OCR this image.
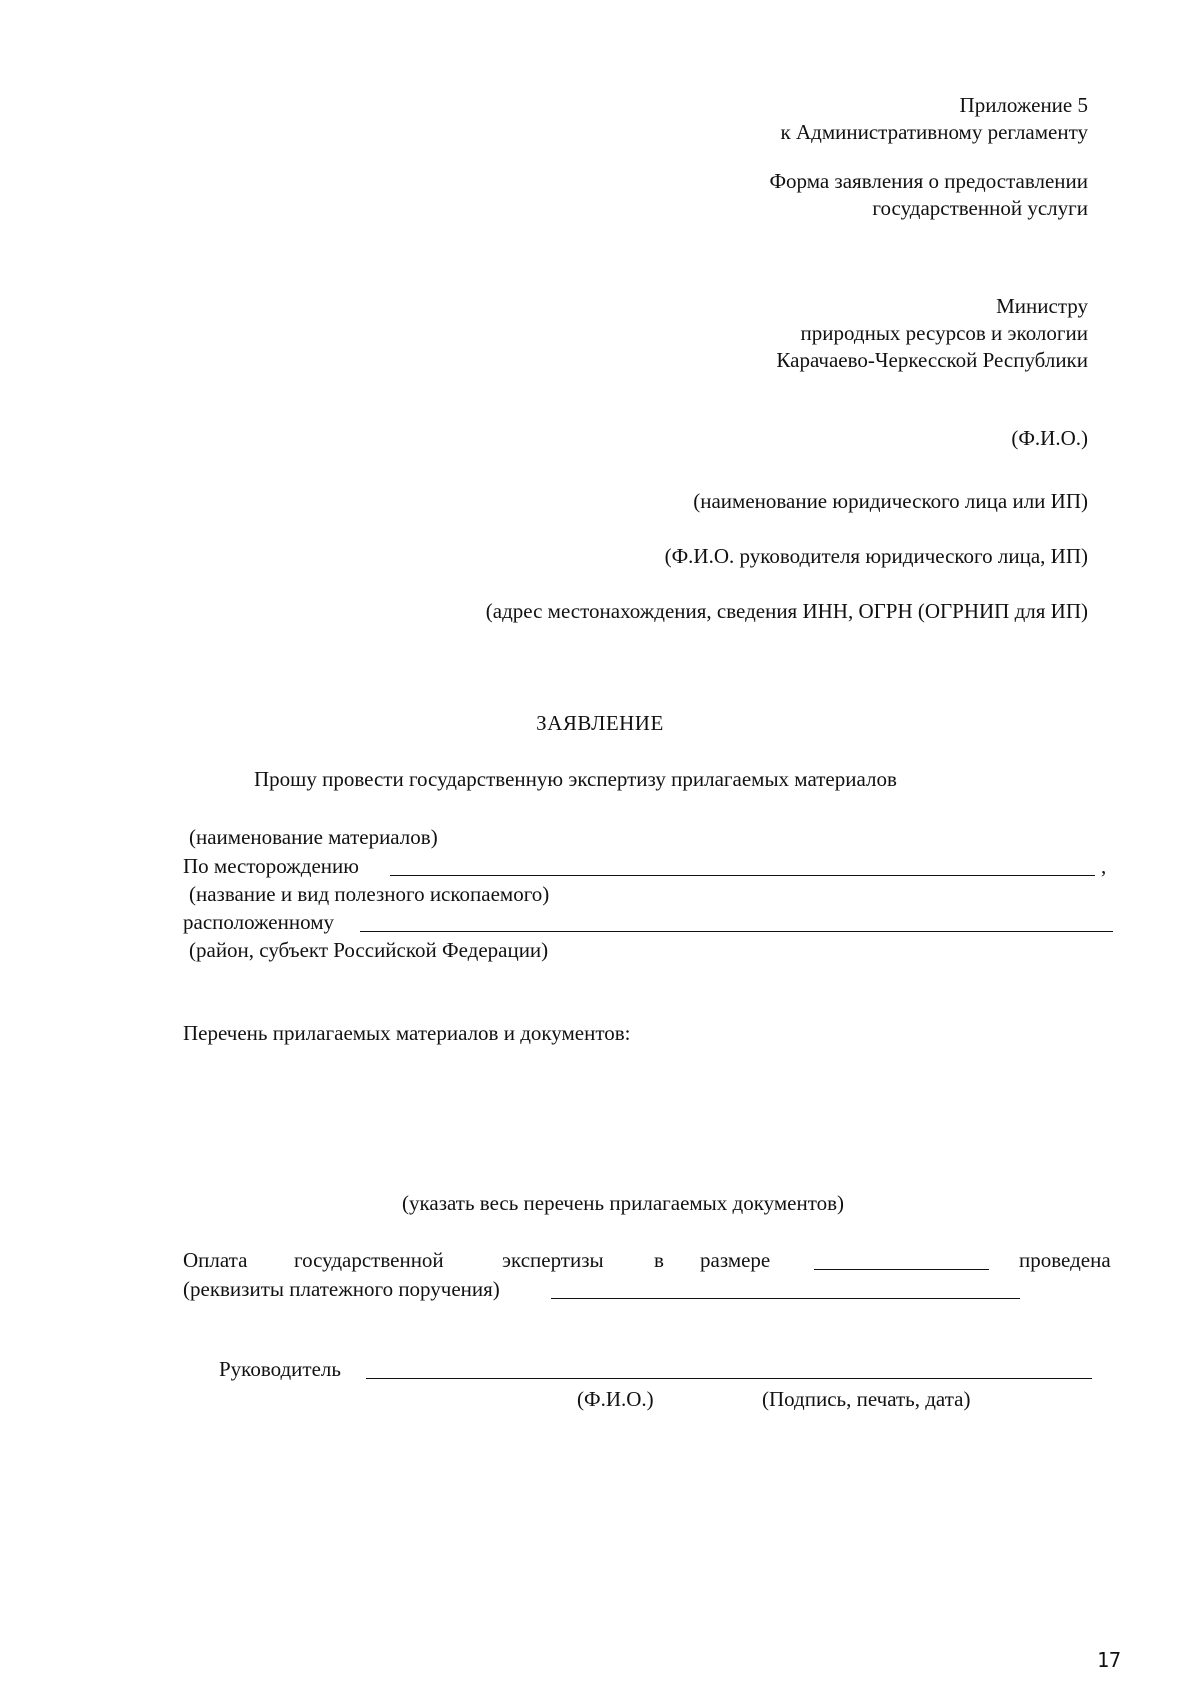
Приложение 5
к Административному регламенту
Форма заявления о предоставлении
государственной услуги
Министру
природных ресурсов и экологии
Карачаево-Черкесской Республики
(Ф.И.О.)
(наименование юридического лица или ИП)
(Ф.И.О. руководителя юридического лица, ИП)
(адрес местонахождения, сведения ИНН, ОГРН (ОГРНИП для ИП)
ЗАЯВЛЕНИЕ
Прошу провести государственную экспертизу прилагаемых материалов
(наименование материалов)
По месторождению	,
(название и вид полезного ископаемого)
расположенному
(район, субъект Российской Федерации)
Перечень прилагаемых материалов и документов:
(указать весь перечень прилагаемых документов)
Оплата государственной	экспертизы в размере	проведена
(реквизиты платежного поручения)
Руководитель
(Ф.И.О.)	(Подпись, печать, дата)
17
